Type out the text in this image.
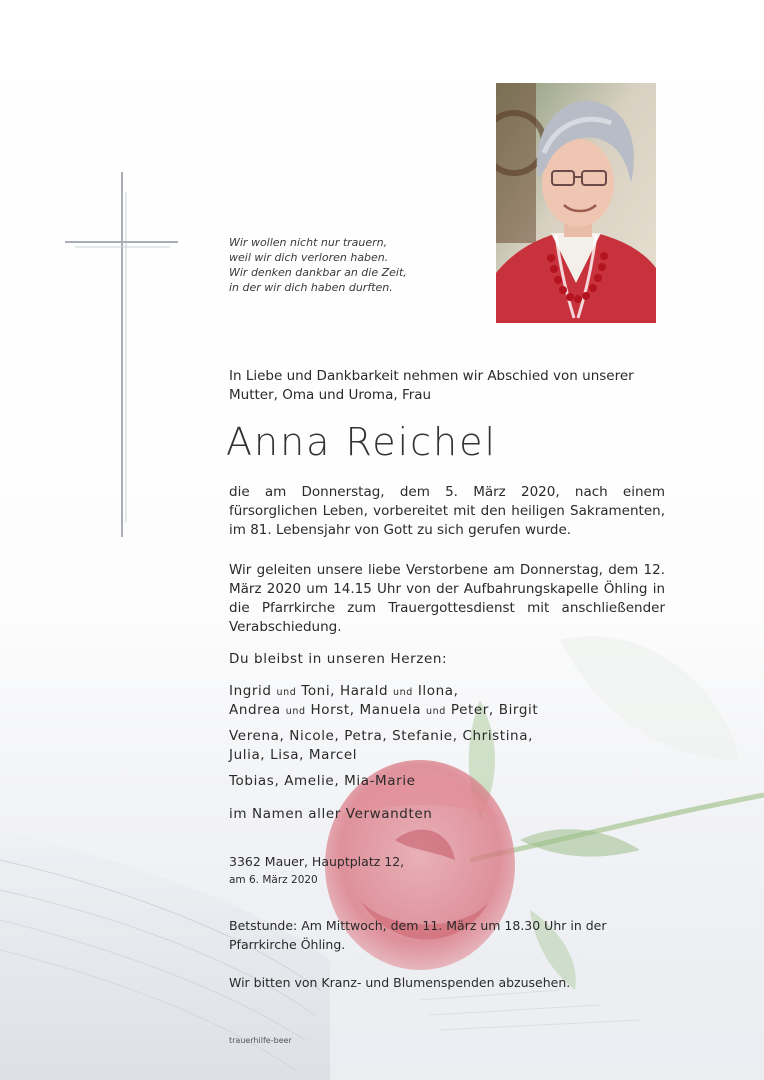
Wir wollen nicht nur trauern,
weil wir dich verloren haben.
Wir denken dankbar an die Zeit,
in der wir dich haben durften.
In Liebe und Dankbarkeit nehmen wir Abschied von unserer Mutter, Oma und Uroma, Frau
Anna Reichel
die am Donnerstag, dem 5. März 2020, nach einem fürsorglichen Leben, vorbereitet mit den heiligen Sakramenten, im 81. Lebensjahr von Gott zu sich gerufen wurde.
Wir geleiten unsere liebe Verstorbene am Donnerstag, dem 12. März 2020 um 14.15 Uhr von der Aufbahrungskapelle Öhling in die Pfarrkirche zum Trauergottesdienst mit anschließender Verabschiedung.
Du bleibst in unseren Herzen:
Ingrid und Toni, Harald und Ilona,
Andrea und Horst, Manuela und Peter, Birgit
Verena, Nicole, Petra, Stefanie, Christina,
Julia, Lisa, Marcel
Tobias, Amelie, Mia-Marie
im Namen aller Verwandten
3362 Mauer, Hauptplatz 12,
am 6. März 2020
Betstunde: Am Mittwoch, dem 11. März um 18.30 Uhr in der Pfarrkirche Öhling.
Wir bitten von Kranz- und Blumenspenden abzusehen.
trauerhilfe-beer
